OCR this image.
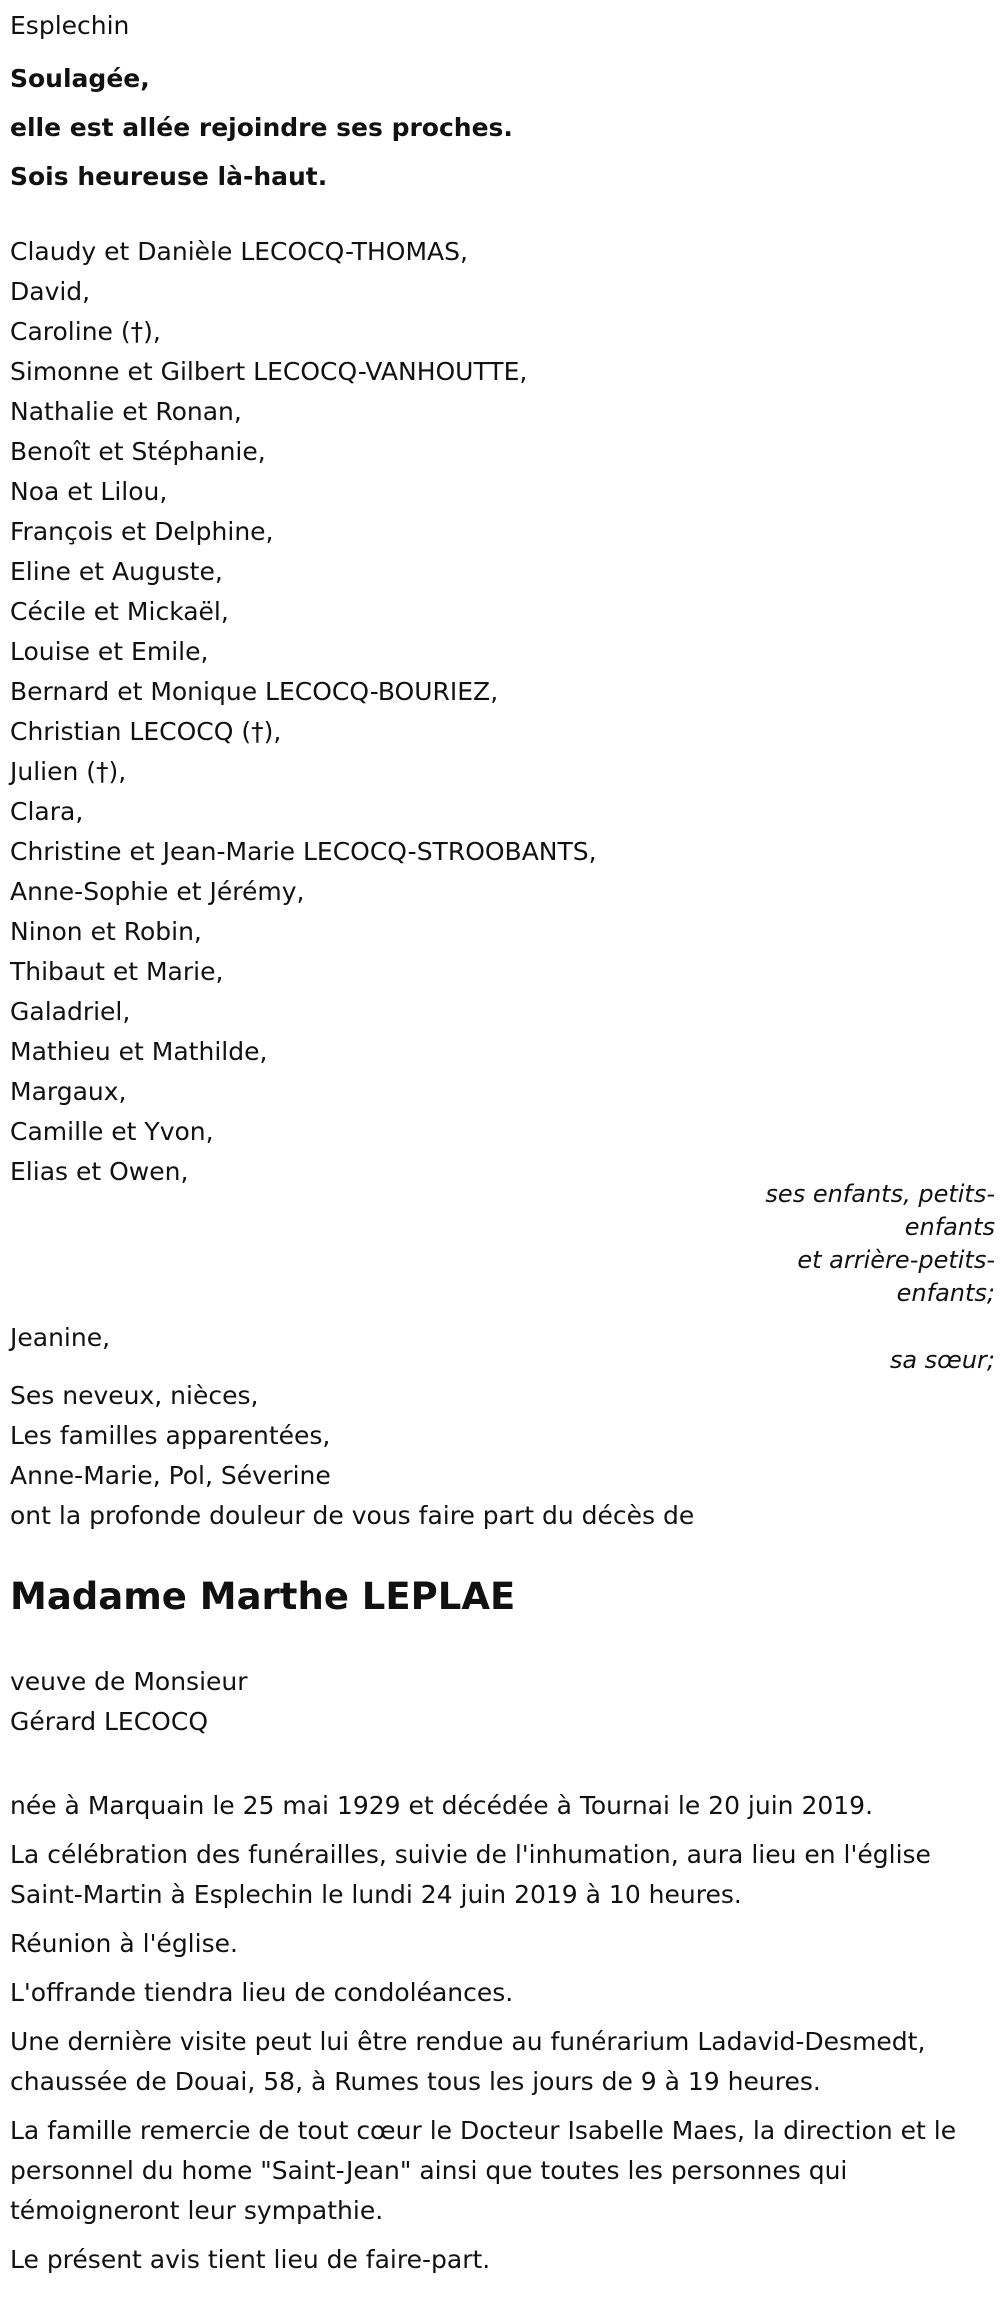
Esplechin
Soulagée,
elle est allée rejoindre ses proches.
Sois heureuse là-haut.
Claudy et Danièle LECOCQ-THOMAS,
David,
Caroline (†),
Simonne et Gilbert LECOCQ-VANHOUTTE,
Nathalie et Ronan,
Benoît et Stéphanie,
Noa et Lilou,
François et Delphine,
Eline et Auguste,
Cécile et Mickaël,
Louise et Emile,
Bernard et Monique LECOCQ-BOURIEZ,
Christian LECOCQ (†),
Julien (†),
Clara,
Christine et Jean-Marie LECOCQ-STROOBANTS,
Anne-Sophie et Jérémy,
Ninon et Robin,
Thibaut et Marie,
Galadriel,
Mathieu et Mathilde,
Margaux,
Camille et Yvon,
Elias et Owen,
ses enfants, petits-enfants
et arrière-petits-enfants;
Jeanine,
sa sœur;
Ses neveux, nièces,
Les familles apparentées,
Anne-Marie, Pol, Séverine
ont la profonde douleur de vous faire part du décès de
Madame Marthe LEPLAE
veuve de Monsieur
Gérard LECOCQ
née à Marquain le 25 mai 1929 et décédée à Tournai le 20 juin 2019.
La célébration des funérailles, suivie de l'inhumation, aura lieu en l'église Saint-Martin à Esplechin le lundi 24 juin 2019 à 10 heures.
Réunion à l'église.
L'offrande tiendra lieu de condoléances.
Une dernière visite peut lui être rendue au funérarium Ladavid-Desmedt, chaussée de Douai, 58, à Rumes tous les jours de 9 à 19 heures.
La famille remercie de tout cœur le Docteur Isabelle Maes, la direction et le personnel du home "Saint-Jean" ainsi que toutes les personnes qui témoigneront leur sympathie.
Le présent avis tient lieu de faire-part.
